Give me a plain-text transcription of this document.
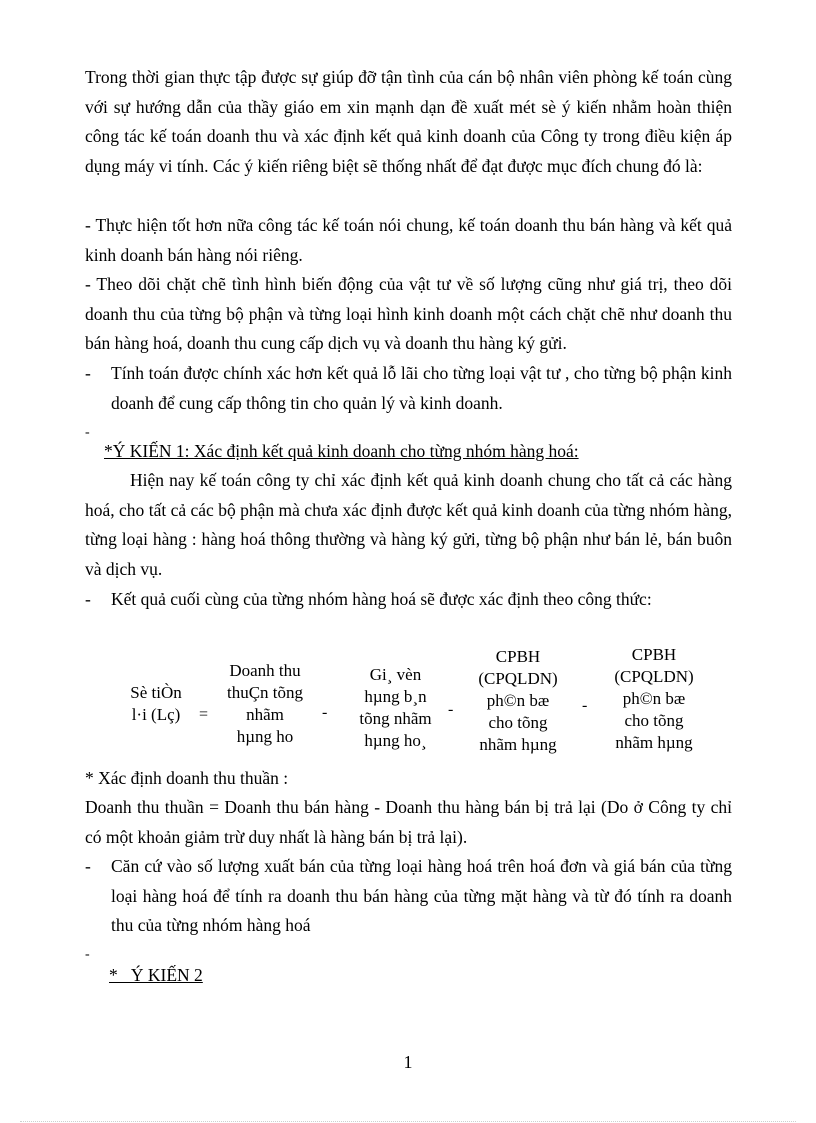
Trong thời gian thực tập được sự giúp đỡ tận tình của cán bộ nhân viên phòng kế toán cùng với sự hướng dẫn của thầy giáo em xin mạnh dạn đề xuất mét sè ý kiến nhằm hoàn thiện công tác kế toán doanh thu và xác định kết quả kinh doanh của Công ty trong điều kiện áp dụng máy vi tính. Các ý kiến riêng biệt sẽ thống nhất để đạt được mục đích chung đó là:

- Thực hiện tốt hơn nữa công tác kế toán nói chung, kế toán doanh thu bán hàng và kết quả kinh doanh bán hàng nói riêng.

- Theo dõi chặt chẽ tình hình biến động của vật tư về số lượng cũng như giá trị, theo dõi doanh thu của từng bộ phận và từng loại hình kinh doanh một cách chặt chẽ như doanh thu bán hàng hoá, doanh thu cung cấp dịch vụ và doanh thu hàng ký gửi.

- Tính toán được chính xác hơn kết quả lỗ lãi cho từng loại vật tư , cho từng bộ phận kinh doanh để cung cấp thông tin cho quản lý và kinh doanh.
-

*Ý KIẾN 1: Xác định kết quả kinh doanh cho từng nhóm hàng hoá:

Hiện nay kế toán công ty chỉ xác định kết quả kinh doanh chung cho tất cả các hàng hoá, cho tất cả các bộ phận mà chưa xác định được kết quả kinh doanh của từng nhóm hàng, từng loại hàng : hàng hoá thông thường và hàng ký gửi, từng bộ phận như bán lẻ, bán buôn và dịch vụ.

- Kết quả cuối cùng của từng nhóm hàng hoá sẽ được xác định theo công thức:
Sè tiÒn
l·i (Lç)	=
Doanh thu
thuÇn tõng
nhãm
hµng ho
-
Gi¸ vèn
hµng b¸n
tõng nhãm
hµng ho¸
-
CPBH
(CPQLDN)
ph©n bæ
cho tõng
nhãm hµng
-
CPBH
(CPQLDN)
ph©n bæ
cho tõng
nhãm hµng

* Xác định doanh thu thuần :

Doanh thu thuần = Doanh thu bán hàng - Doanh thu hàng bán bị trả lại (Do ở Công ty chỉ có một khoản giảm trừ duy nhất là hàng bán bị trả lại).

- Căn cứ vào số lượng xuất bán của từng loại hàng hoá trên hoá đơn và giá bán của từng loại hàng hoá để tính ra doanh thu bán hàng của từng mặt hàng và từ đó tính ra doanh thu của từng nhóm hàng hoá
-

*   Ý KIẾN 2

1
